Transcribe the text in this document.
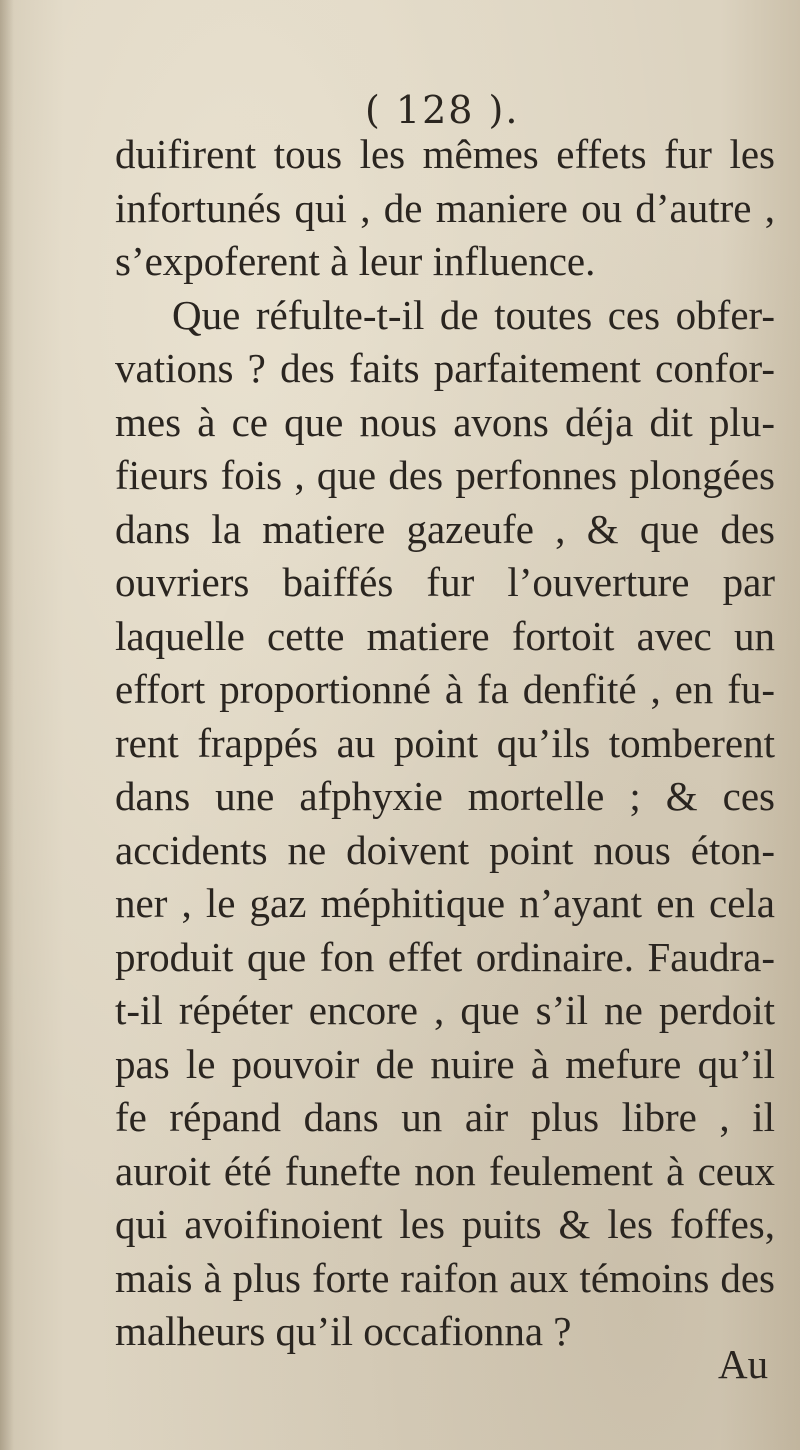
( 128 ).
duifirent tous les mêmes effets fur les
infortunés qui , de maniere ou d’autre ,
s’expoferent à leur influence.
Que réfulte-t-il de toutes ces obfer-
vations ? des faits parfaitement confor-
mes à ce que nous avons déja dit plu-
fieurs fois , que des perfonnes plongées
dans la matiere gazeufe , & que des
ouvriers baiffés fur l’ouverture par
laquelle cette matiere fortoit avec un
effort proportionné à fa denfité , en fu-
rent frappés au point qu’ils tomberent
dans une afphyxie mortelle ; & ces
accidents ne doivent point nous éton-
ner , le gaz méphitique n’ayant en cela
produit que fon effet ordinaire. Faudra-
t-il répéter encore , que s’il ne perdoit
pas le pouvoir de nuire à mefure qu’il
fe répand dans un air plus libre , il
auroit été funefte non feulement à ceux
qui avoifinoient les puits & les foffes,
mais à plus forte raifon aux témoins des
malheurs qu’il occafionna ?
Au
